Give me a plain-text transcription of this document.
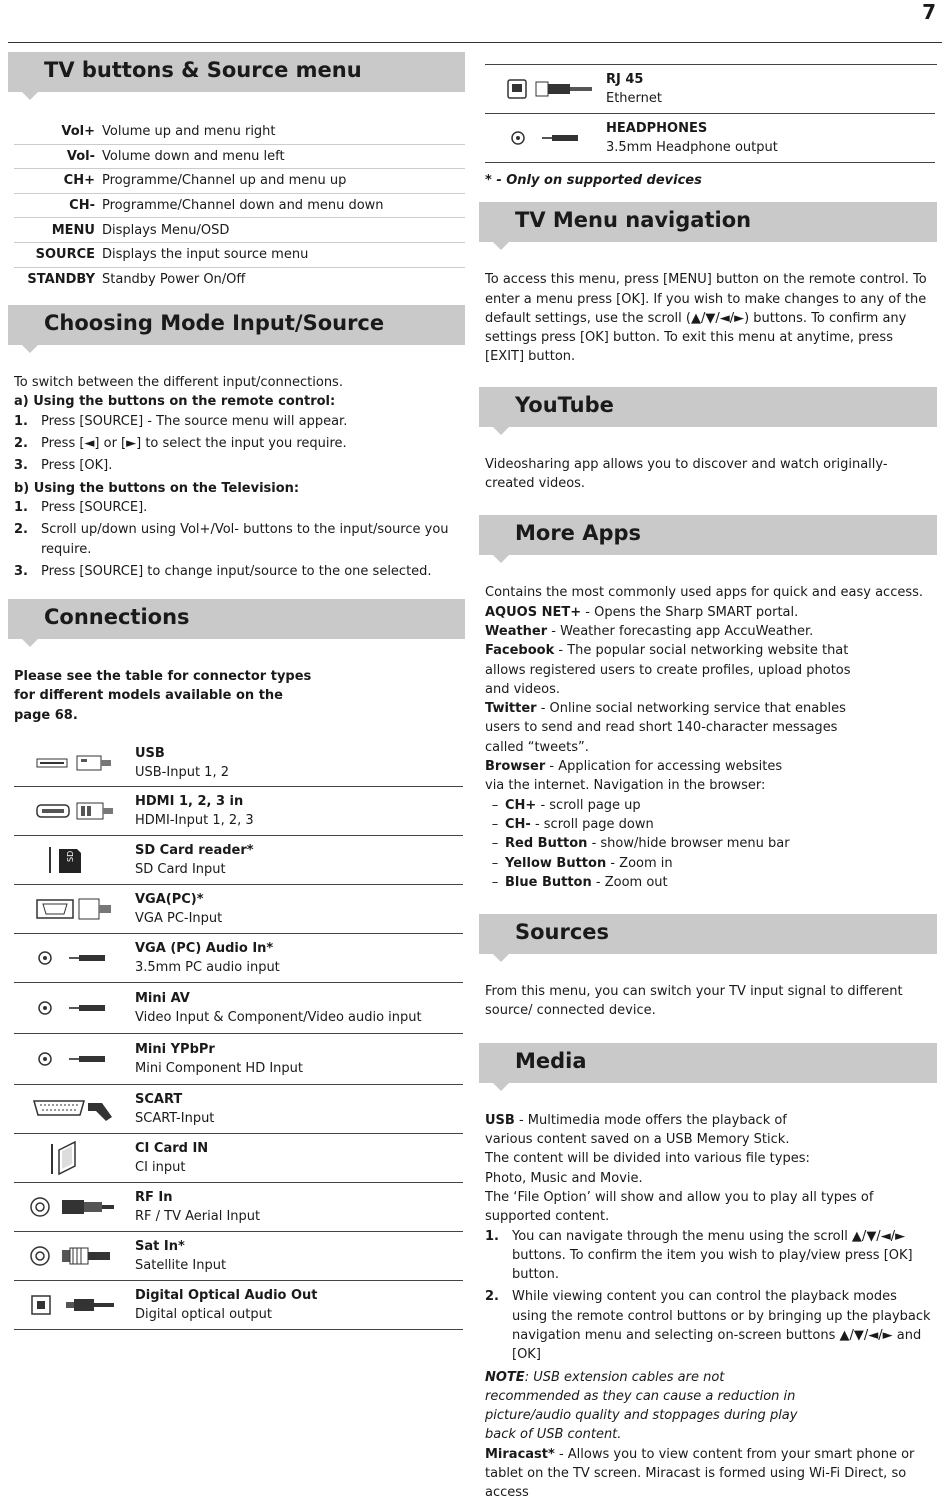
7
TV buttons & Source menu
Vol+ Volume up and menu right
Vol- Volume down and menu left
CH+ Programme/Channel up and menu up
CH- Programme/Channel down and menu down
MENU Displays Menu/OSD
SOURCE Displays the input source menu
STANDBY Standby Power On/Off
Choosing Mode Input/Source
To switch between the different input/connections.
a) Using the buttons on the remote control:
1.	Press [SOURCE] - The source menu will appear.
2.	Press [◄] or [►] to select the input you require.
3.	Press [OK].
b) Using the buttons on the Television:
1.	Press [SOURCE].
2.	Scroll up/down using Vol+/Vol- buttons to the input/source you require.
3.	Press [SOURCE] to change input/source to the one selected.
Connections
Please see the table for connector types for different models available on the page 68.
USB
USB-Input 1, 2
HDMI 1, 2, 3 in
HDMI-Input 1, 2, 3
SD	SD Card reader*
SD Card Input
VGA(PC)*
VGA PC-Input
VGA (PC) Audio In*
3.5mm PC audio input
Mini AV
Video Input & Component/Video audio input
Mini YPbPr
Mini Component HD Input
SCART
SCART-Input
CI Card IN
CI input
RF In
RF / TV Aerial Input
Sat In*
Satellite Input
Digital Optical Audio Out
Digital optical output
RJ 45
Ethernet
HEADPHONES
3.5mm Headphone output
* - Only on supported devices
TV Menu navigation
To access this menu, press [MENU] button on the remote control. To enter a menu press [OK]. If you wish to make changes to any of the default settings, use the scroll (▲/▼/◄/►) buttons. To confirm any settings press [OK] button. To exit this menu at anytime, press [EXIT] button.
YouTube
Videosharing app allows you to discover and watch originally-created videos.
More Apps
Contains the most commonly used apps for quick and easy access.
AQUOS NET+ - Opens the Sharp SMART portal.
Weather - Weather forecasting app AccuWeather.
Facebook - The popular social networking website that allows registered users to create profiles, upload photos and videos.
Twitter - Online social networking service that enables users to send and read short 140-character messages called “tweets”.
Browser - Application for accessing websites via the internet. Navigation in the browser:
– CH+ - scroll page up
– CH- - scroll page down
– Red Button - show/hide browser menu bar
– Yellow Button - Zoom in
– Blue Button - Zoom out
Sources
From this menu, you can switch your TV input signal to different source/ connected device.
Media
USB - Multimedia mode offers the playback of various content saved on a USB Memory Stick. The content will be divided into various file types: Photo, Music and Movie.
The ‘File Option’ will show and allow you to play all types of supported content.
1.	You can navigate through the menu using the scroll ▲/▼/◄/► buttons. To confirm the item you wish to play/view press [OK] button.
2.	While viewing content you can control the playback modes using the remote control buttons or by bringing up the playback navigation menu and selecting on-screen buttons ▲/▼/◄/► and [OK]
NOTE: USB extension cables are not recommended as they can cause a reduction in picture/audio quality and stoppages during play back of USB content.
Miracast* - Allows you to view content from your smart phone or tablet on the TV screen. Miracast is formed using Wi-Fi Direct, so access
